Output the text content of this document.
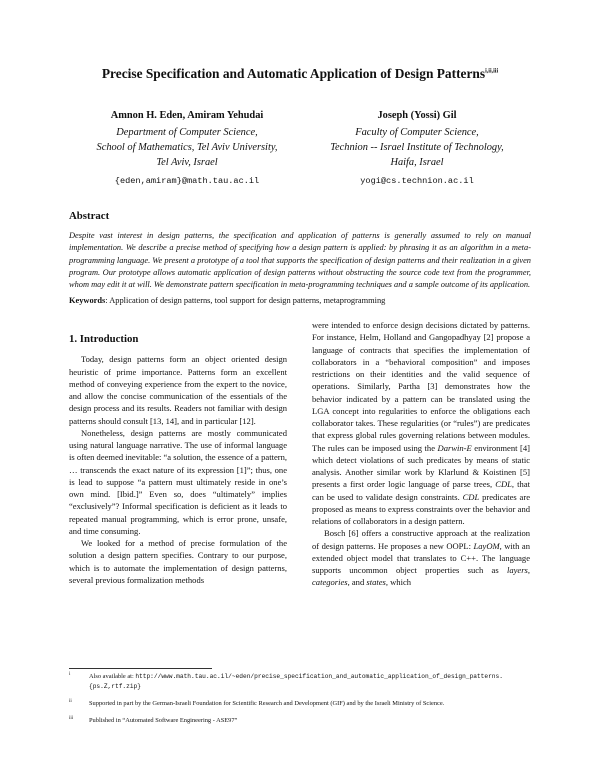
Precise Specification and Automatic Application of Design Patterns$^{i,ii,iii}$
Amnon H. Eden, Amiram Yehudai
Department of Computer Science,
School of Mathematics, Tel Aviv University,
Tel Aviv, Israel
{eden,amiram}@math.tau.ac.il
Joseph (Yossi) Gil
Faculty of Computer Science,
Technion -- Israel Institute of Technology,
Haifa, Israel
yogi@cs.technion.ac.il
Abstract
Despite vast interest in design patterns, the specification and application of patterns is generally assumed to rely on manual implementation. We describe a precise method of specifying how a design pattern is applied: by phrasing it as an algorithm in a meta-programming language. We present a prototype of a tool that supports the specification of design patterns and their realization in a given program. Our prototype allows automatic application of design patterns without obstructing the source code text from the programmer, whom may edit it at will. We demonstrate pattern specification in meta-programming techniques and a sample outcome of its application.
Keywords: Application of design patterns, tool support for design patterns, metaprogramming
1. Introduction

Today, design patterns form an object oriented design heuristic of prime importance. Patterns form an excellent method of conveying experience from the expert to the novice, and allow the concise communication of the essentials of the design process and its results. Readers not familiar with design patterns should consult [13, 14], and in particular [12].

Nonetheless, design patterns are mostly communicated using natural language narrative. The use of informal language is often deemed inevitable: “a solution, the essence of a pattern, … transcends the exact nature of its expression [1]”; thus, one is lead to suppose “a pattern must ultimately reside in one’s own mind. [Ibid.]” Even so, does “ultimately” implies “exclusively”? Informal specification is deficient as it leads to repeated manual programming, which is error prone, unsafe, and time consuming.

We looked for a method of precise formulation of the solution a design pattern specifies. Contrary to our purpose, which is to automate the implementation of design patterns, several previous formalization methods

were intended to enforce design decisions dictated by patterns. For instance, Helm, Holland and Gangopadhyay [2] propose a language of contracts that specifies the implementation of collaborators in a “behavioral composition” and imposes restrictions on their identities and the valid sequence of operations. Similarly, Partha [3] demonstrates how the behavior indicated by a pattern can be translated using the LGA concept into regularities to enforce the obligations each collaborator takes. These regularities (or “rules”) are predicates that express global rules governing relations between modules. The rules can be imposed using the Darwin-E environment [4] which detect violations of such predicates by means of static analysis. Another similar work by Klarlund & Koistinen [5] presents a first order logic language of parse trees, CDL, that can be used to validate design constraints. CDL predicates are proposed as means to express constraints over the behavior and relations of collaborators in a design pattern.

Bosch [6] offers a constructive approach at the realization of design patterns. He proposes a new OOPL: LayOM, with an extended object model that translates to C++. The language supports uncommon object properties such as layers, categories, and states, which

i	Also available at: http://www.math.tau.ac.il/~eden/precise_specification_and_automatic_application_of_design_patterns.{ps.Z,rtf.zip}
ii	Supported in part by the German-Israeli Foundation for Scientific Research and Development (GIF) and by the Israeli Ministry of Science.
iii Published in “Automated Software Engineering - ASE97”
